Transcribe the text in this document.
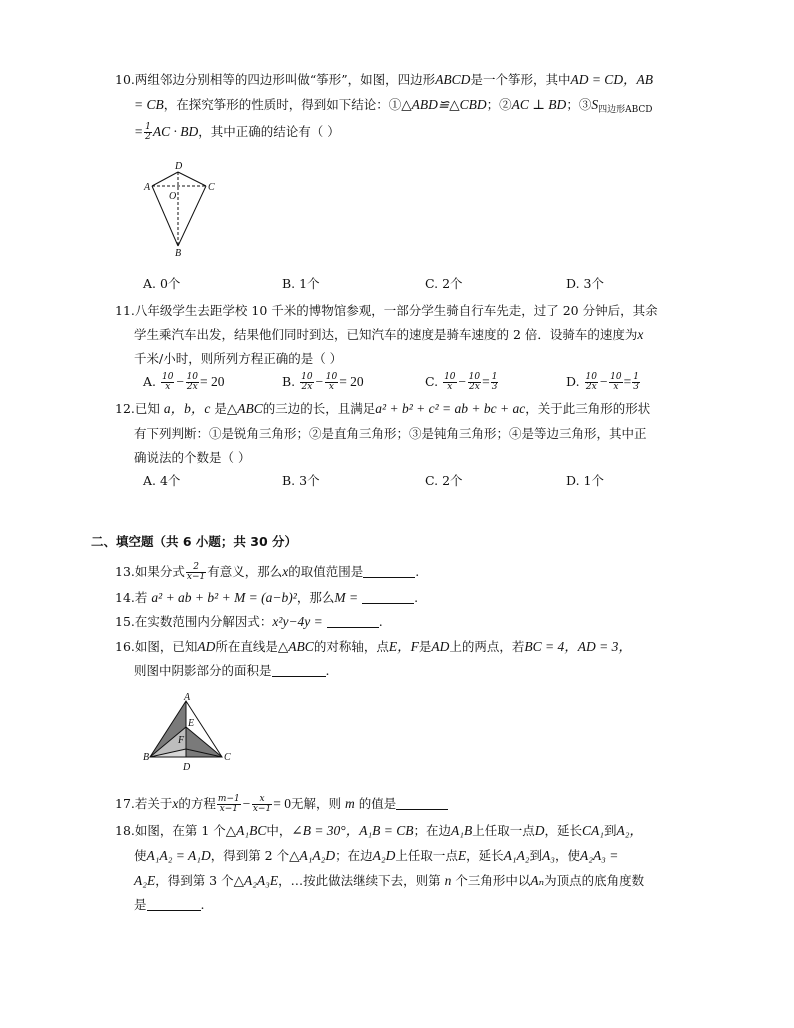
10.两组邻边分别相等的四边形叫做“筝形”，如图，四边形ABCD是一个筝形，其中AD = CD，AB
= CB，在探究筝形的性质时，得到如下结论：①△ABD≌△CBD；②AC ⊥ BD；$③S_{四边形ABCD}$
= $\frac{1}{2}$ AC · BD，其中正确的结论有（ ）
D
A
O
C
B
A. 0个	B. 1个	C. 2个	D. 3个
11.八年级学生去距学校 10 千米的博物馆参观，一部分学生骑自行车先走，过了 20 分钟后，其余
学生乘汽车出发，结果他们同时到达，已知汽车的速度是骑车速度的 2 倍．设骑车的速度为x
千米/小时，则所列方程正确的是（ ）
A. $\frac{10}{x} - \frac{10}{2x} = 20$	B. $\frac{10}{2x} - \frac{10}{x} = 20$	C. $\frac{10}{x} - \frac{10}{2x} = \frac{1}{3}$	D. $\frac{10}{2x} - \frac{10}{x} = \frac{1}{3}$
12.已知 a，b，c 是△ABC的三边的长，且满足a² + b² + c² = ab + bc + ac，关于此三角形的形状
有下列判断：①是锐角三角形；②是直角三角形；③是钝角三角形；④是等边三角形，其中正
确说法的个数是（ ）
A. 4个	B. 3个	C. 2个	D. 1个
二、填空题（共 6 小题；共 30 分）
13.如果分式 $\frac{2}{x-1}$ 有意义，那么x的取值范围是	.
14.若 a² + ab + b² + M = (a−b)²，那么M =	.
15.在实数范围内分解因式：x²y−4y =	.
16.如图，已知AD所在直线是△ABC的对称轴，点E，F是AD上的两点，若BC = 4，AD = 3，
则图中阴影部分的面积是	.
A
E
F
B
D
C
17.若关于x的方程 $\frac{m-1}{x-1} - \frac{x}{x-1} = 0$无解，则 m 的值是
18.如图，在第 1 个△A₁BC中，∠B = 30°，A₁B = CB；在边A₁B上任取一点D，延长CA₁到A₂，
使A₁A₂ = A₁D，得到第 2 个△A₁A₂D；在边A₂D上任取一点E，延长A₁A₂到A₃，使A₂A₃ =
A₂E，得到第 3 个△A₂A₃E，…按此做法继续下去，则第 n 个三角形中以Aₙ为顶点的底角度数
是	.
